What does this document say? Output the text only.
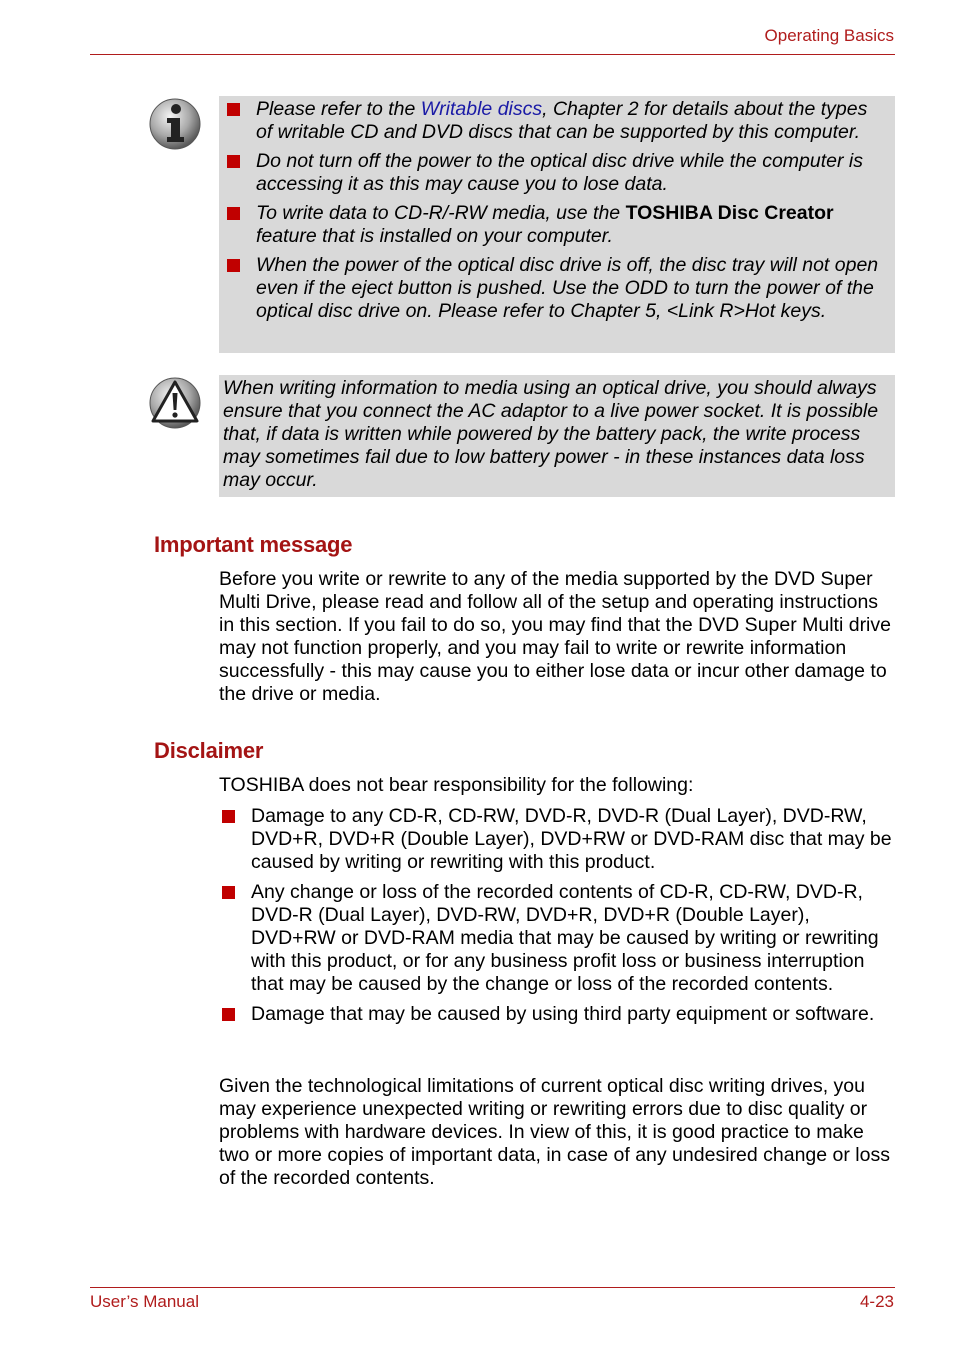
Operating Basics
Please refer to the Writable discs, Chapter 2 for details about the types of writable CD and DVD discs that can be supported by this computer.
Do not turn off the power to the optical disc drive while the computer is accessing it as this may cause you to lose data.
To write data to CD-R/-RW media, use the TOSHIBA Disc Creator feature that is installed on your computer.
When the power of the optical disc drive is off, the disc tray will not open even if the eject button is pushed. Use the ODD to turn the power of the optical disc drive on. Please refer to Chapter 5, <Link R>Hot keys.
When writing information to media using an optical drive, you should always ensure that you connect the AC adaptor to a live power socket. It is possible that, if data is written while powered by the battery pack, the write process may sometimes fail due to low battery power - in these instances data loss may occur.
Important message
Before you write or rewrite to any of the media supported by the DVD Super Multi Drive, please read and follow all of the setup and operating instructions in this section. If you fail to do so, you may find that the DVD Super Multi drive may not function properly, and you may fail to write or rewrite information successfully - this may cause you to either lose data or incur other damage to the drive or media.
Disclaimer
TOSHIBA does not bear responsibility for the following:
Damage to any CD-R, CD-RW, DVD-R, DVD-R (Dual Layer), DVD-RW, DVD+R, DVD+R (Double Layer), DVD+RW or DVD-RAM disc that may be caused by writing or rewriting with this product.
Any change or loss of the recorded contents of CD-R, CD-RW, DVD-R, DVD-R (Dual Layer), DVD-RW, DVD+R, DVD+R (Double Layer), DVD+RW or DVD-RAM media that may be caused by writing or rewriting with this product, or for any business profit loss or business interruption that may be caused by the change or loss of the recorded contents.
Damage that may be caused by using third party equipment or software.
Given the technological limitations of current optical disc writing drives, you may experience unexpected writing or rewriting errors due to disc quality or problems with hardware devices. In view of this, it is good practice to make two or more copies of important data, in case of any undesired change or loss of the recorded contents.
User’s Manual	4-23
